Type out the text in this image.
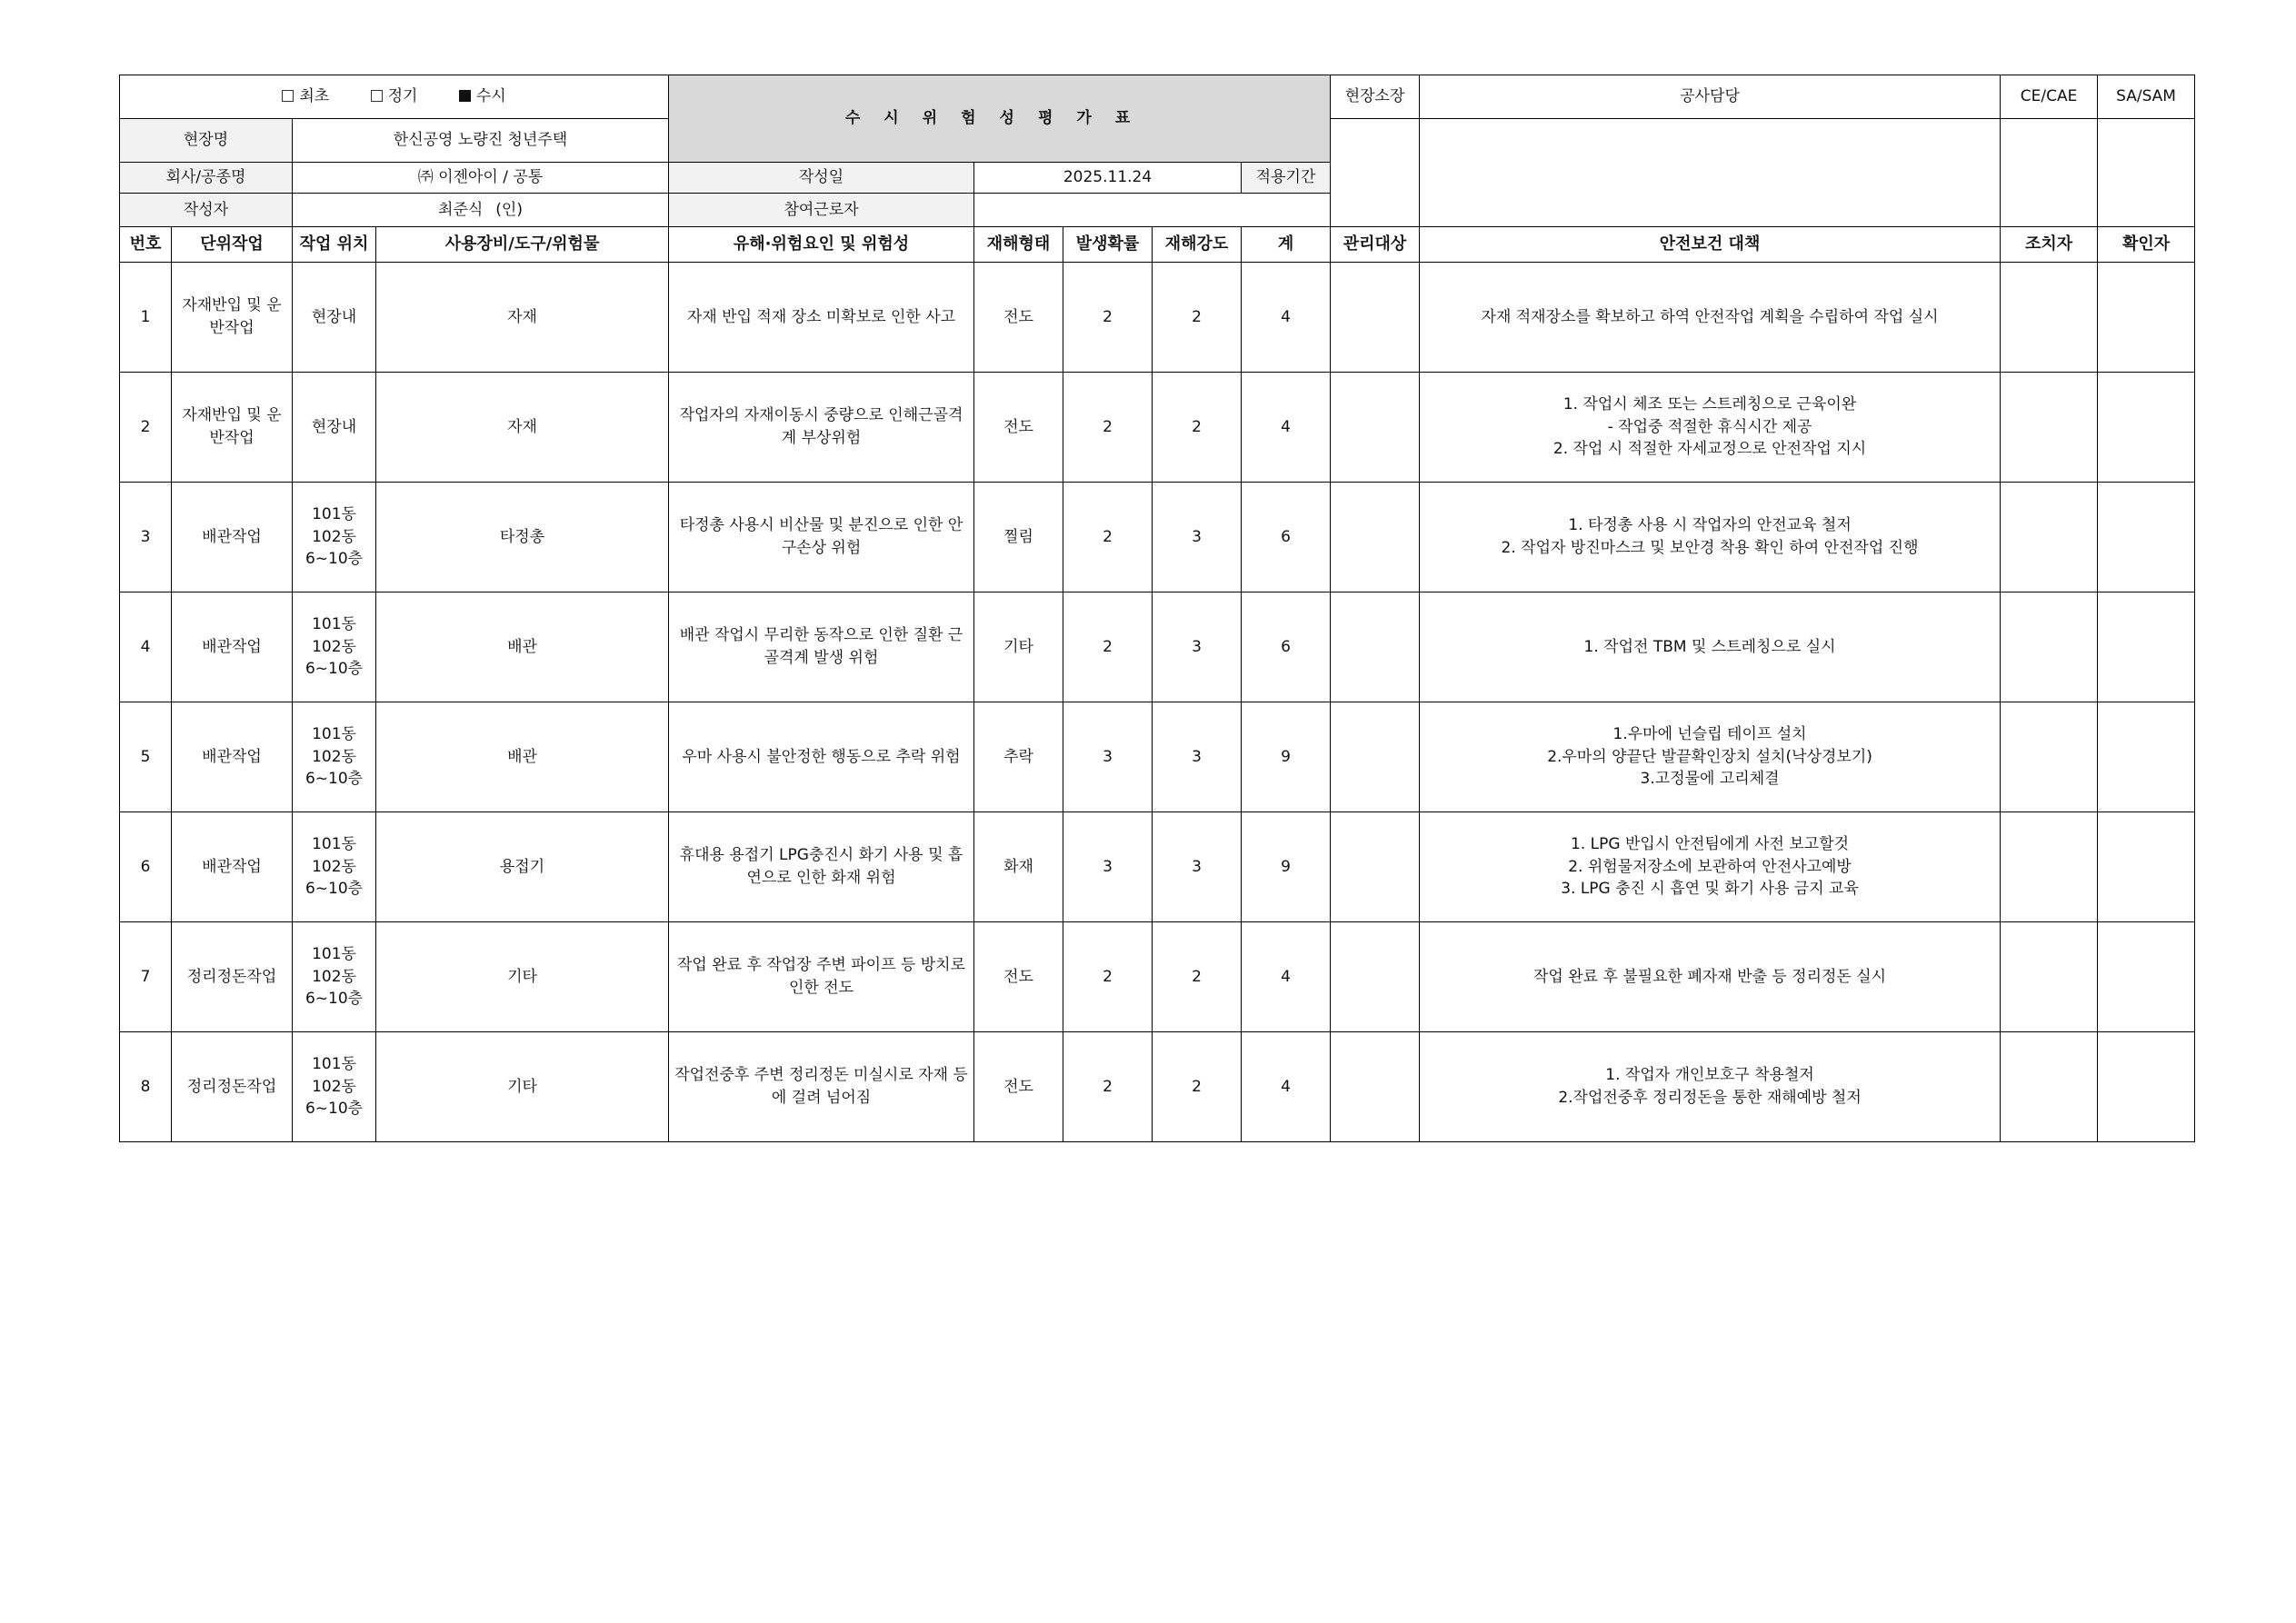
최초 정기 수시				수시위험성평가표					현장소장	공사담당	CE/CAE	SA/SAM	
현장명		한신공영 노량진 청년주택											
회사/공종명		㈜ 이젠아이 / 공통		작성일	2025.11.24			적용기간	
작성자		최준식 (인)		참여근로자									
번호	단위작업	작업 위치	사용장비/도구/위험물	유해·위험요인 및 위험성	재해형태	발생확률	재해강도	계	관리대상	안전보건 대책	조치자	확인자	
1	자재반입 및 운반작업	현장내	자재	자재 반입 적재 장소 미확보로 인한 사고	전도	2	2	4		자재 적재장소를 확보하고 하역 안전작업 계획을 수립하여 작업 실시			
2	자재반입 및 운반작업	현장내	자재	작업자의 자재이동시 중량으로 인해근골격계 부상위험	전도	2	2	4		1. 작업시 체조 또는 스트레칭으로 근육이완
- 작업중 적절한 휴식시간 제공
2. 작업 시 적절한 자세교정으로 안전작업 지시			
3	배관작업	101동
102동
6~10층	타정총	타정총 사용시 비산물 및 분진으로 인한 안구손상 위험	찔림	2	3	6		1. 타정총 사용 시 작업자의 안전교육 철저
2. 작업자 방진마스크 및 보안경 착용 확인 하여 안전작업 진행			
4	배관작업	101동
102동
6~10층	배관	배관 작업시 무리한 동작으로 인한 질환 근골격계 발생 위험	기타	2	3	6		1. 작업전 TBM 및 스트레칭으로 실시			
5	배관작업	101동
102동
6~10층	배관	우마 사용시 불안정한 행동으로 추락 위험	추락	3	3	9		1.우마에 넌슬립 테이프 설치
2.우마의 양끝단 발끝확인장치 설치(낙상경보기)
3.고정물에 고리체결			
6	배관작업	101동
102동
6~10층	용접기	휴대용 용접기 LPG충진시 화기 사용 및 흡연으로 인한 화재 위험	화재	3	3	9		1. LPG 반입시 안전팀에게 사전 보고할것
2. 위험물저장소에 보관하여 안전사고예방
3. LPG 충진 시 흡연 및 화기 사용 금지 교육			
7	정리정돈작업	101동
102동
6~10층	기타	작업 완료 후 작업장 주변 파이프 등 방치로 인한 전도	전도	2	2	4		작업 완료 후 불필요한 폐자재 반출 등 정리정돈 실시			
8	정리정돈작업	101동
102동
6~10층	기타	작업전중후 주변 정리정돈 미실시로 자재 등에 걸려 넘어짐	전도	2	2	4		1. 작업자 개인보호구 착용철저
2.작업전중후 정리정돈을 통한 재해예방 철저			
